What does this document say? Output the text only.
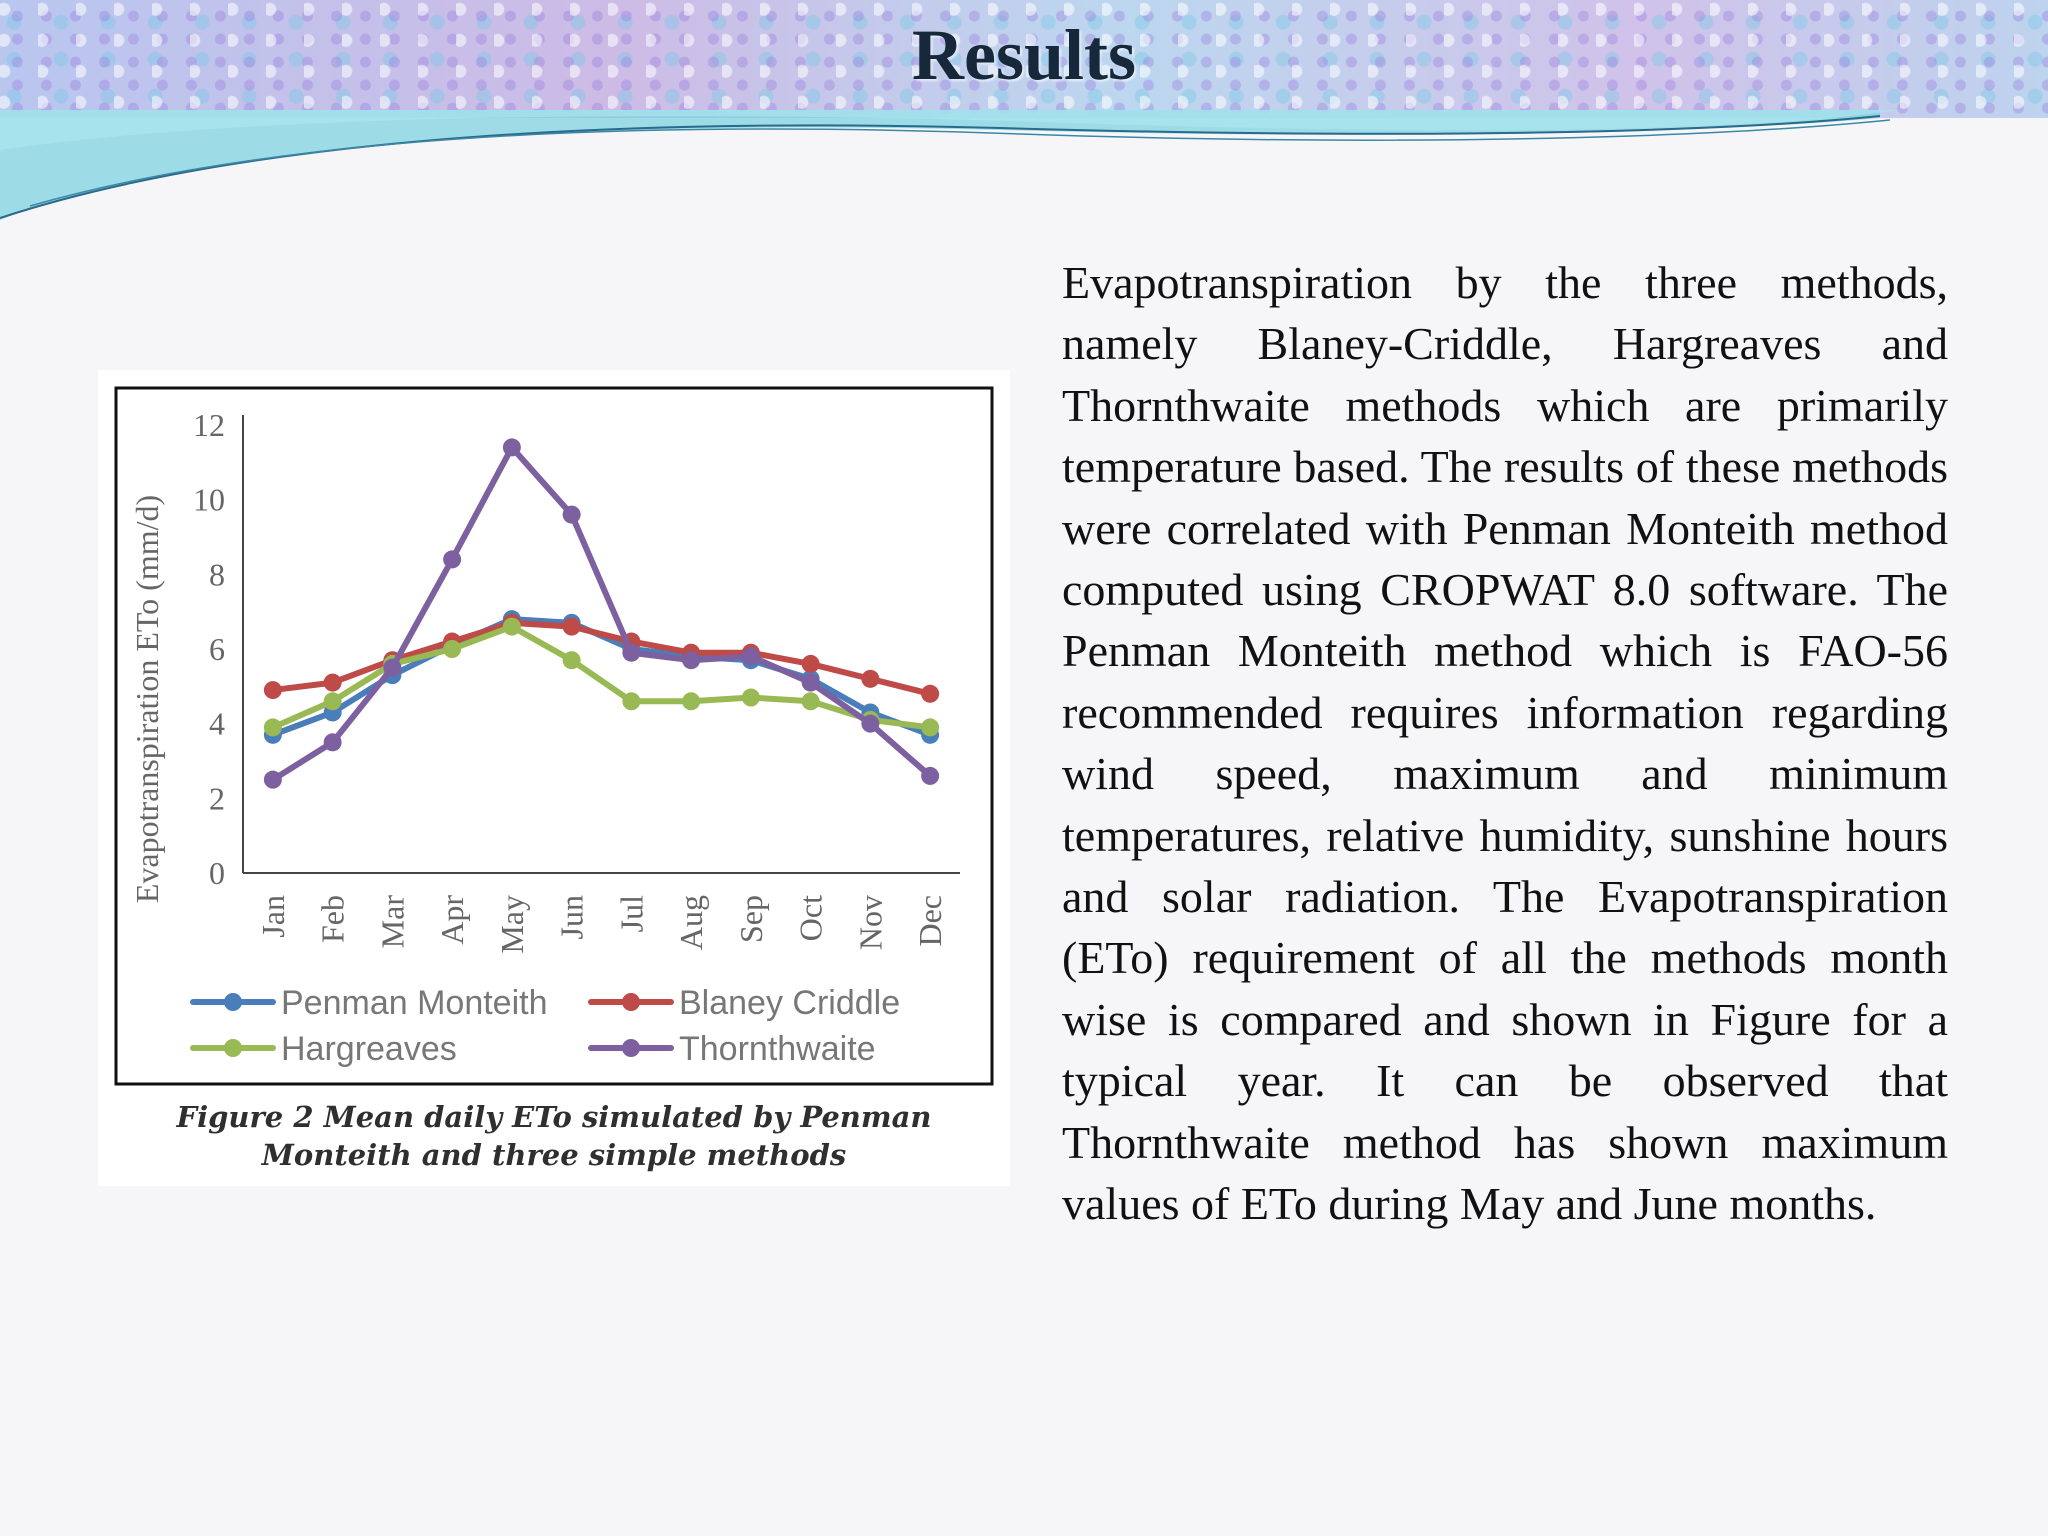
Results
0
2
4
6
8
10
12
Evapotranspiration ETo (mm/d)
Jan Feb Mar Apr May Jun Jul Aug Sep Oct Nov Dec
Penman Monteith	Blaney Criddle
Hargreaves	Thornthwaite
Figure 2 Mean daily ETo simulated by Penman
Monteith and three simple methods

Evapotranspiration by the three methods, namely Blaney-Criddle, Hargreaves and Thornthwaite methods which are primarily temperature based. The results of these methods were correlated with Penman Monteith method computed using CROPWAT 8.0 software. The Penman Monteith method which is FAO-56 recommended requires information regarding wind speed, maximum and minimum temperatures, relative humidity, sunshine hours and solar radiation. The Evapotranspiration (ETo) requirement of all the methods month wise is compared and shown in Figure for a typical year. It can be observed that Thornthwaite method has shown maximum values of ETo during May and June months.
